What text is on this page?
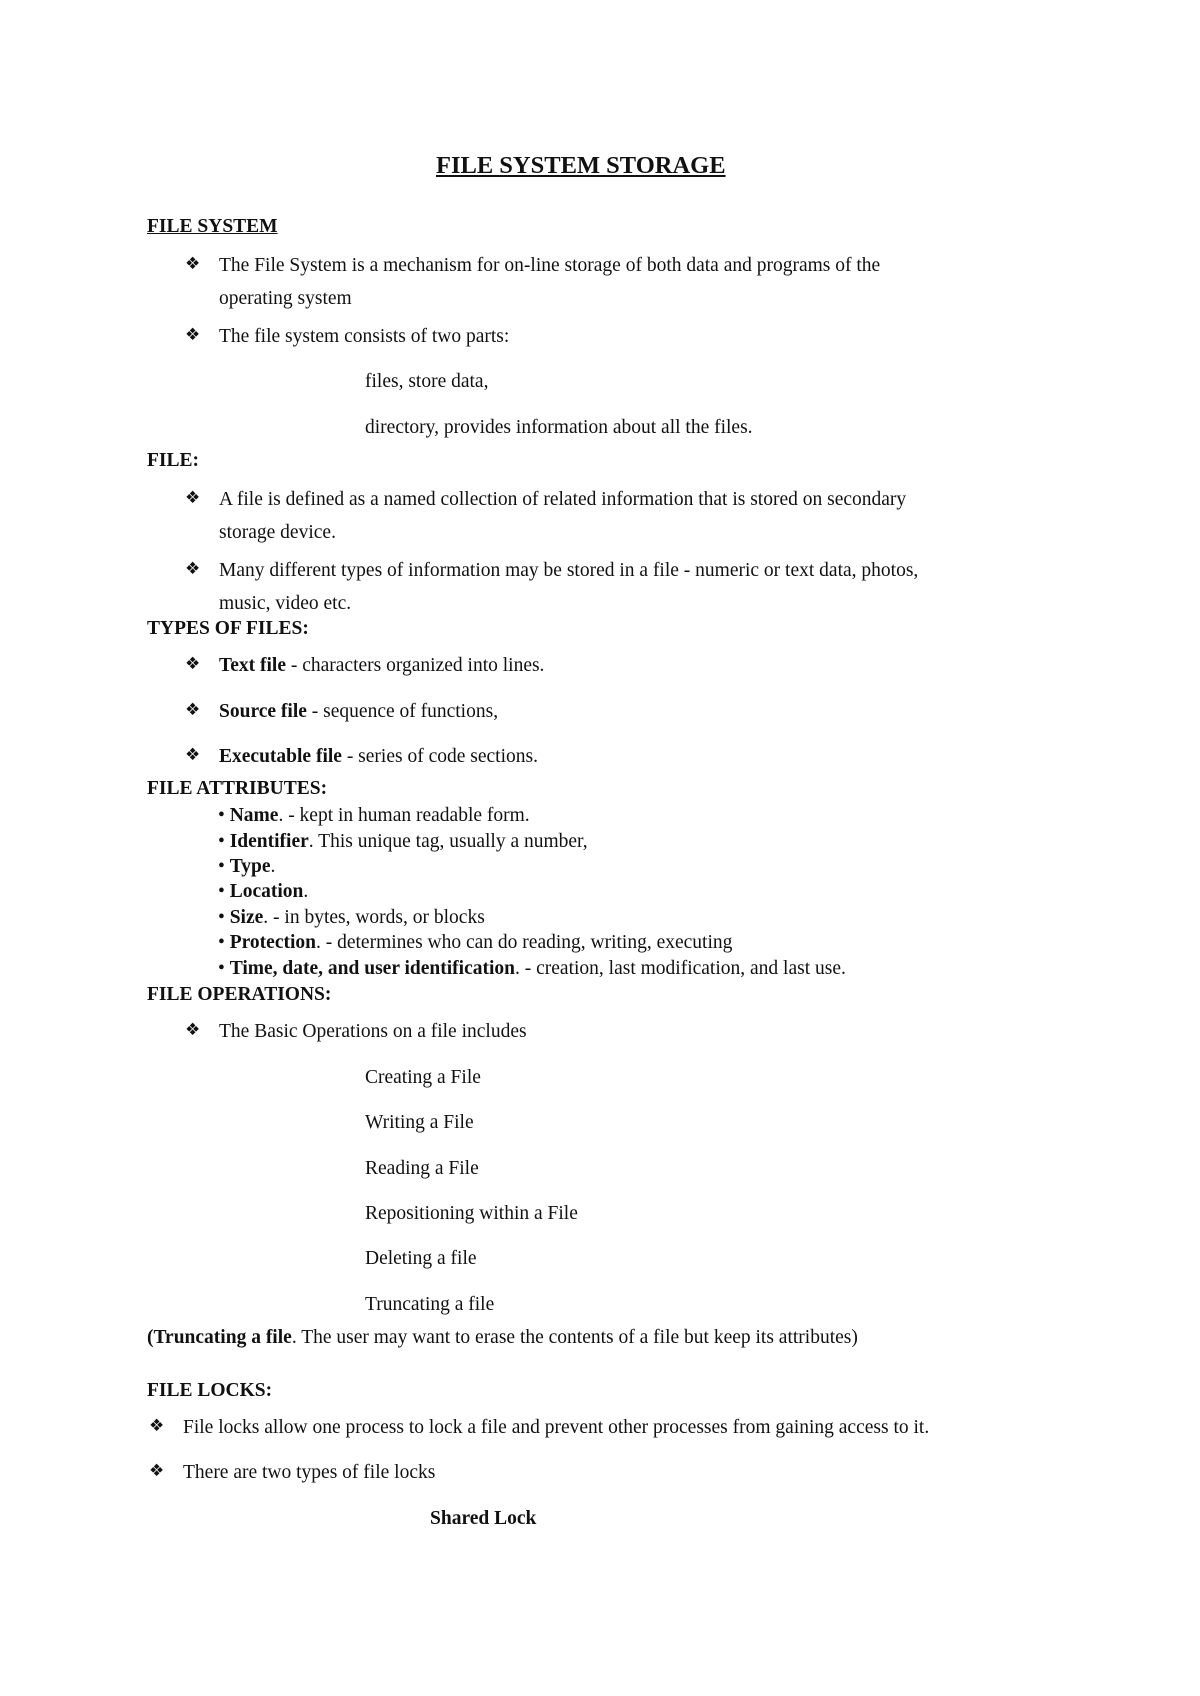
FILE SYSTEM STORAGE
FILE SYSTEM
❖ The File System is a mechanism for on-line storage of both data and programs of the
operating system
❖ The file system consists of two parts:
files, store data,
directory, provides information about all the files.
FILE:
❖ A file is defined as a named collection of related information that is stored on secondary
storage device.
❖ Many different types of information may be stored in a file - numeric or text data, photos,
music, video etc.
TYPES OF FILES:
❖ Text file - characters organized into lines.
❖ Source file - sequence of functions,
❖ Executable file - series of code sections.
FILE ATTRIBUTES:
• Name. - kept in human readable form.
• Identifier. This unique tag, usually a number,
• Type.
• Location.
• Size. - in bytes, words, or blocks
• Protection. - determines who can do reading, writing, executing
• Time, date, and user identification. - creation, last modification, and last use.
FILE OPERATIONS:
❖ The Basic Operations on a file includes
Creating a File
Writing a File
Reading a File
Repositioning within a File
Deleting a file
Truncating a file
(Truncating a file. The user may want to erase the contents of a file but keep its attributes)
FILE LOCKS:
❖ File locks allow one process to lock a file and prevent other processes from gaining access to it.
❖ There are two types of file locks
Shared Lock
